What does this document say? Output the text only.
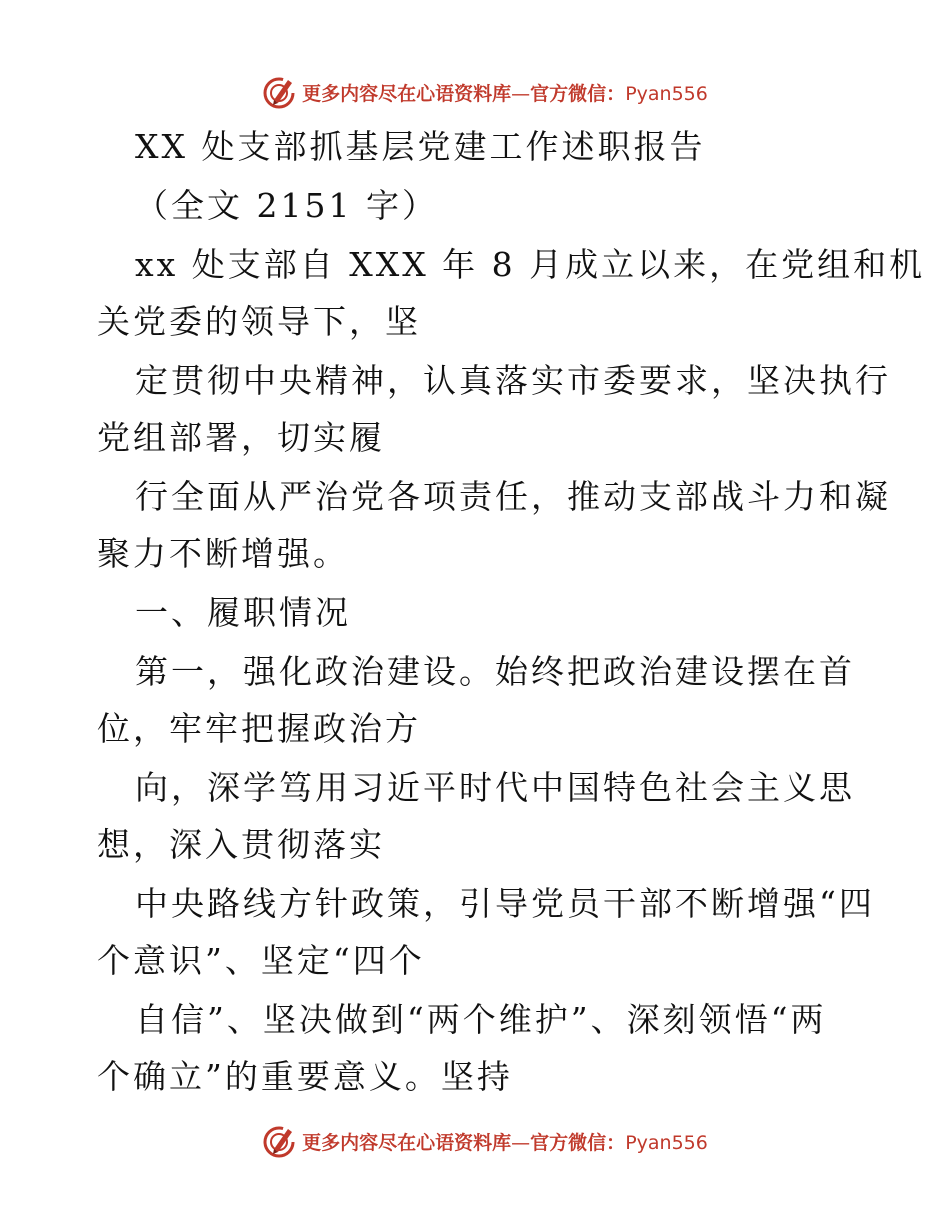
更多内容尽在心语资料库—官方微信：Pyan556
XX 处支部抓基层党建工作述职报告
（全文 2151 字）
xx 处支部自 XXX 年 8 月成立以来，在党组和机
关党委的领导下，坚
定贯彻中央精神，认真落实市委要求，坚决执行
党组部署，切实履
行全面从严治党各项责任，推动支部战斗力和凝
聚力不断增强。
一、履职情况
第一，强化政治建设。始终把政治建设摆在首
位，牢牢把握政治方
向，深学笃用习近平时代中国特色社会主义思
想，深入贯彻落实
中央路线方针政策，引导党员干部不断增强“四
个意识”、坚定“四个
自信”、坚决做到“两个维护”、深刻领悟“两
个确立”的重要意义。坚持
更多内容尽在心语资料库—官方微信：Pyan556
